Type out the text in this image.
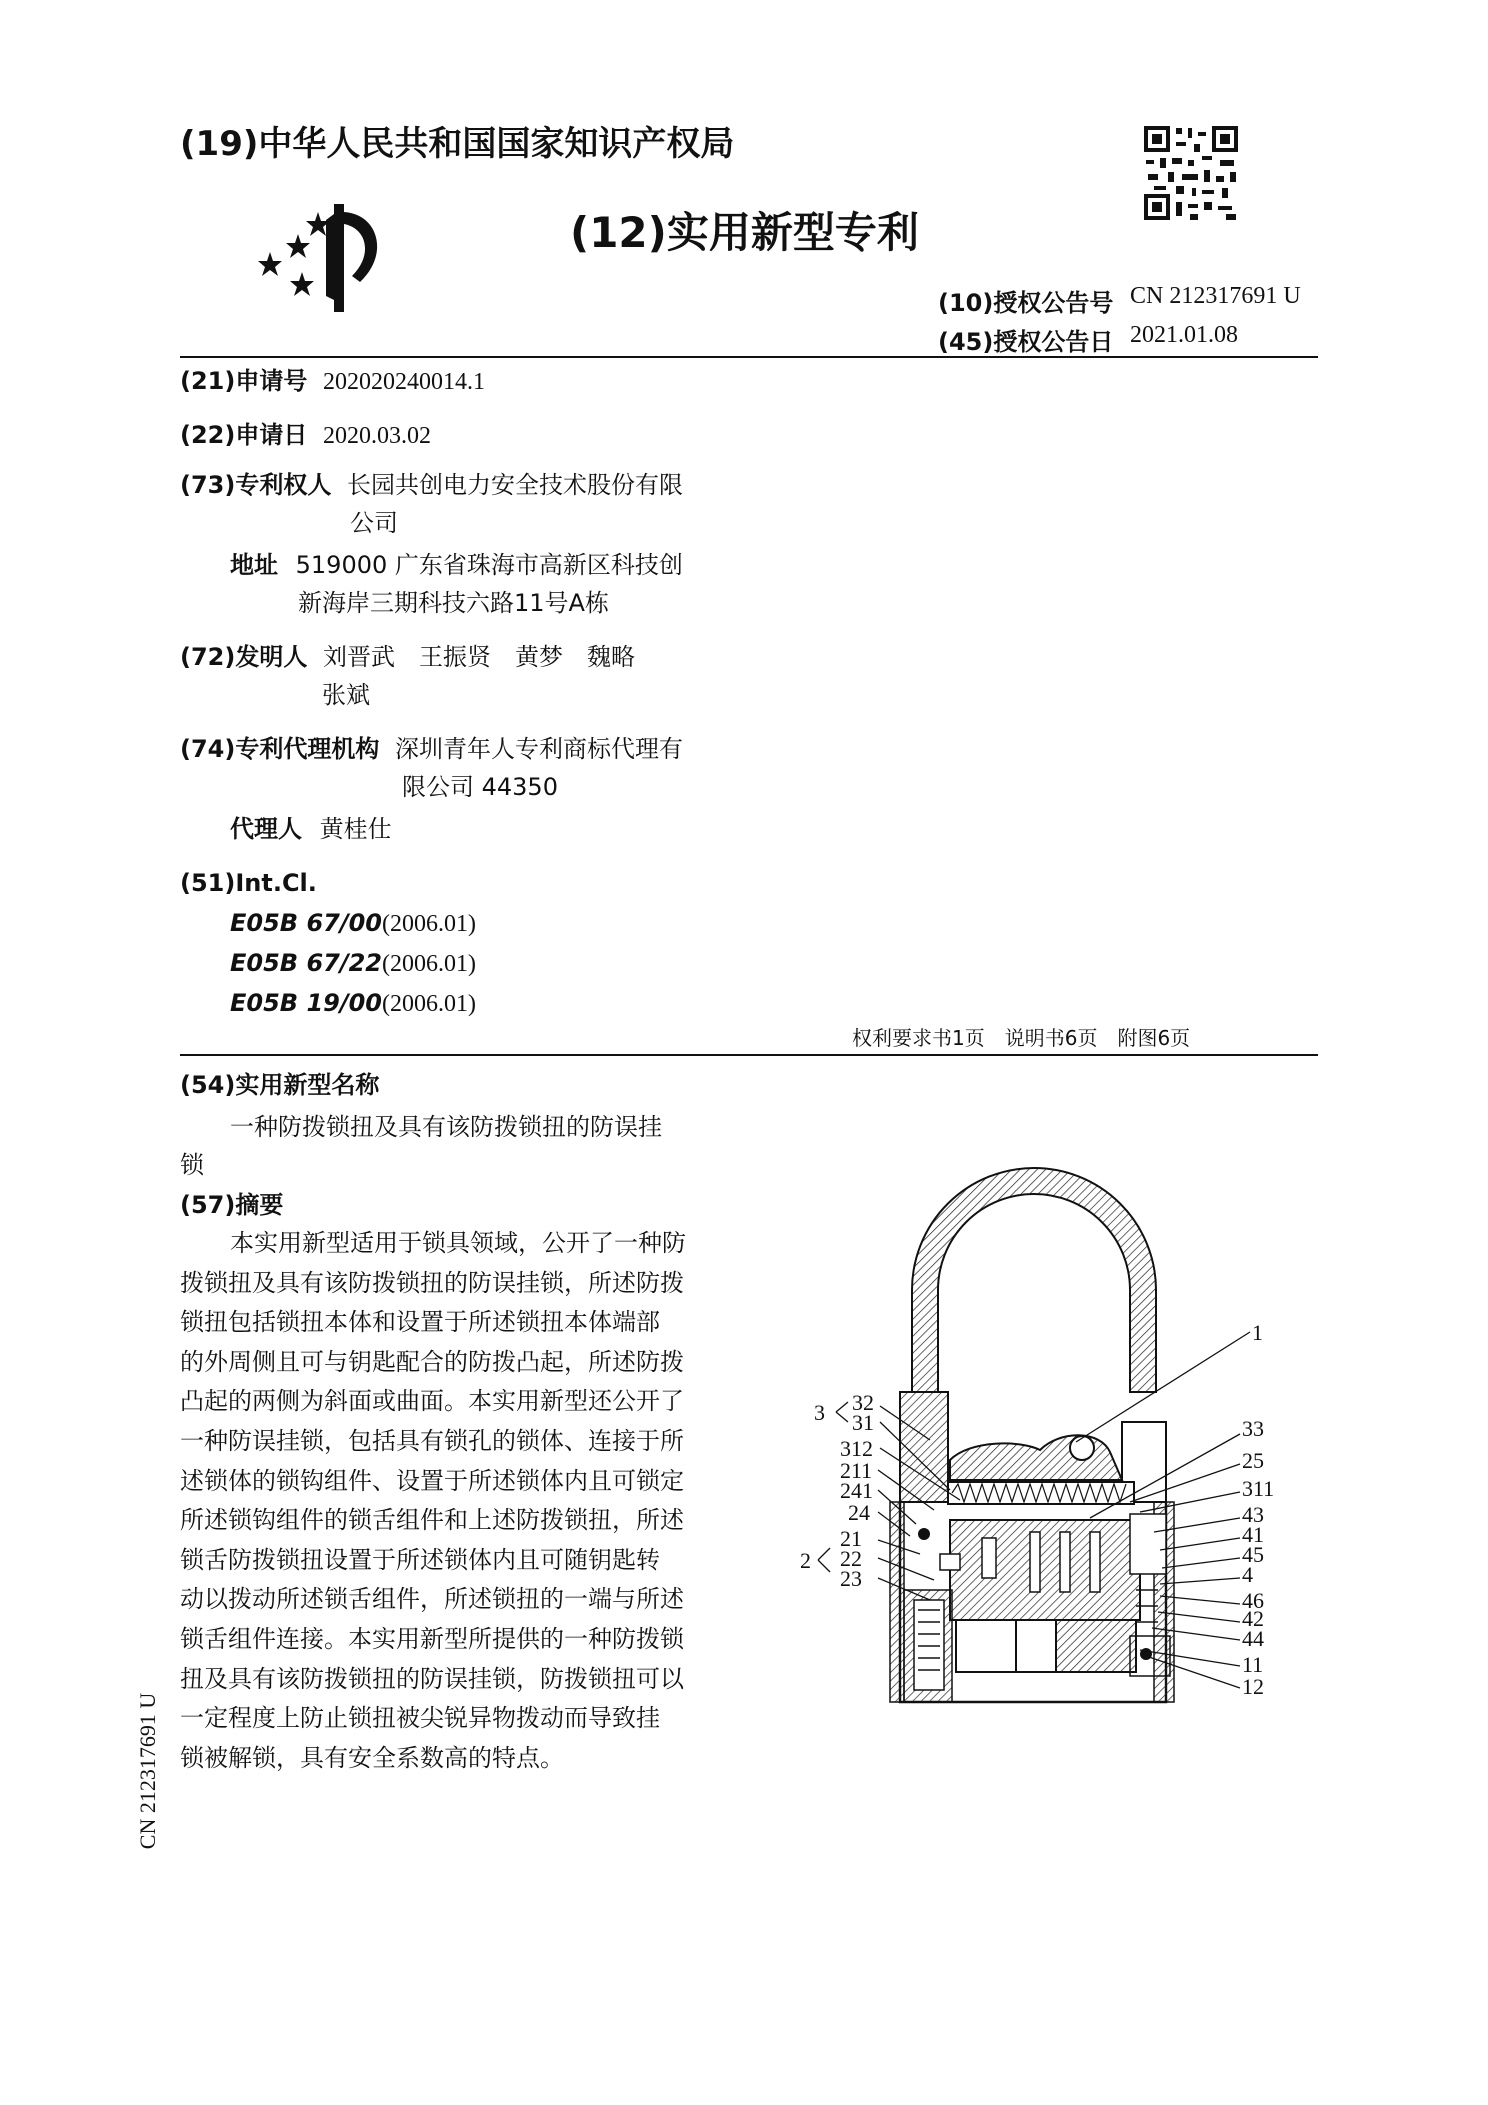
(19)中华人民共和国国家知识产权局
(12)实用新型专利
(10)授权公告号 CN 212317691 U
(45)授权公告日 2021.01.08
(21)申请号 202020240014.1
(22)申请日 2020.03.02
(73)专利权人 长园共创电力安全技术股份有限
公司
地址 519000 广东省珠海市高新区科技创
新海岸三期科技六路11号A栋
(72)发明人 刘晋武　王振贤　黄梦　魏略
张斌
(74)专利代理机构 深圳青年人专利商标代理有
限公司 44350
代理人 黄桂仕
(51)Int.Cl.
E05B 67/00(2006.01)
E05B 67/22(2006.01)
E05B 19/00(2006.01)
权利要求书1页　说明书6页　附图6页
(54)实用新型名称
一种防拨锁扭及具有该防拨锁扭的防误挂
锁
(57)摘要

本实用新型适用于锁具领域，公开了一种防

拨锁扭及具有该防拨锁扭的防误挂锁，所述防拨

锁扭包括锁扭本体和设置于所述锁扭本体端部

的外周侧且可与钥匙配合的防拨凸起，所述防拨

凸起的两侧为斜面或曲面。本实用新型还公开了

一种防误挂锁，包括具有锁孔的锁体、连接于所

述锁体的锁钩组件、设置于所述锁体内且可锁定

所述锁钩组件的锁舌组件和上述防拨锁扭，所述

锁舌防拨锁扭设置于所述锁体内且可随钥匙转

动以拨动所述锁舌组件，所述锁扭的一端与所述

锁舌组件连接。本实用新型所提供的一种防拨锁

扭及具有该防拨锁扭的防误挂锁，防拨锁扭可以

一定程度上防止锁扭被尖锐异物拨动而导致挂

锁被解锁，具有安全系数高的特点。

CN 212317691 U
1
33
25
311
43
41
45
4
46
42
44
11
12
3 32
31
312
211
241
24
2
21
22
23
